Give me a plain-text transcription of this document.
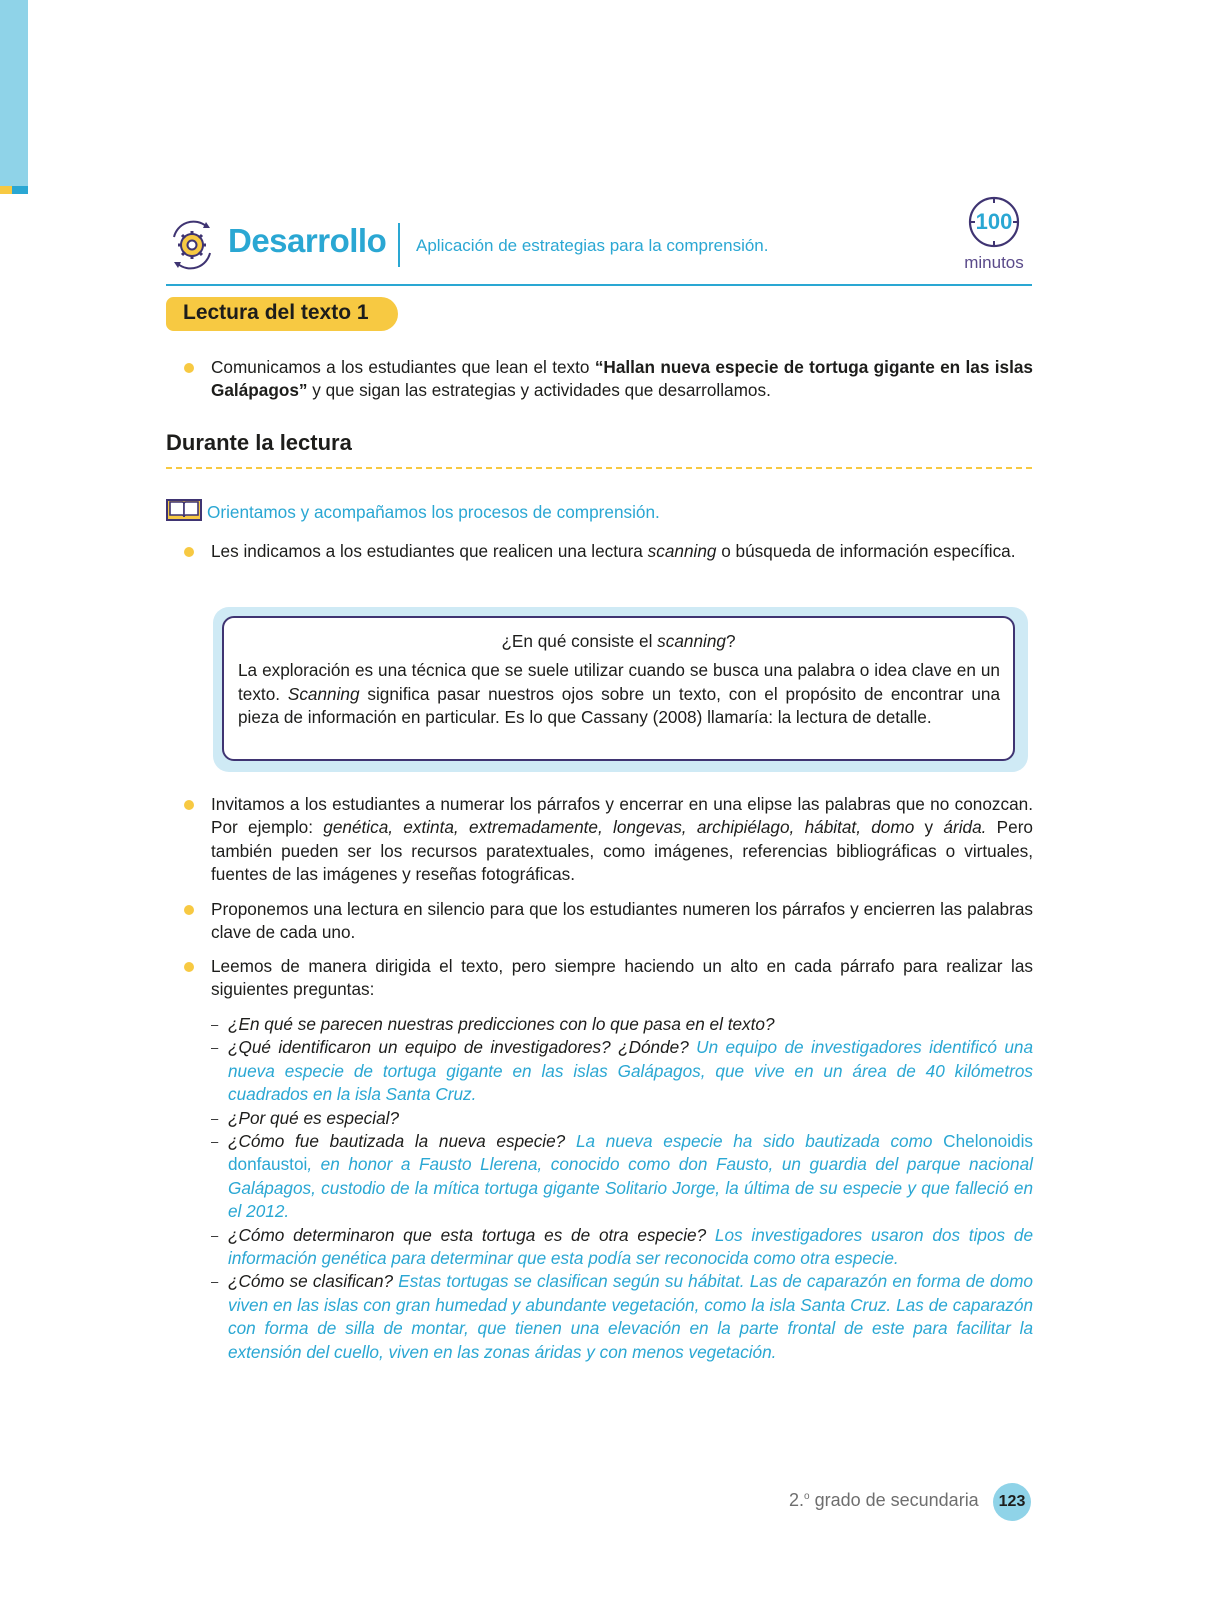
Desarrollo Aplicación de estrategias para la comprensión.
100
minutos
Lectura del texto 1
Comunicamos a los estudiantes que lean el texto “Hallan nueva especie de tortuga gigante en las islas Galápagos” y que sigan las estrategias y actividades que desarrollamos.
Durante la lectura
Orientamos y acompañamos los procesos de comprensión.
Les indicamos a los estudiantes que realicen una lectura scanning o búsqueda de información específica.
¿En qué consiste el scanning?
La exploración es una técnica que se suele utilizar cuando se busca una palabra o idea clave en un texto. Scanning significa pasar nuestros ojos sobre un texto, con el propósito de encontrar una pieza de información en particular. Es lo que Cassany (2008) llamaría: la lectura de detalle.
Invitamos a los estudiantes a numerar los párrafos y encerrar en una elipse las palabras que no conozcan. Por ejemplo: genética, extinta, extremadamente, longevas, archipiélago, hábitat, domo y árida. Pero también pueden ser los recursos paratextuales, como imágenes, referencias bibliográficas o virtuales, fuentes de las imágenes y reseñas fotográficas.
Proponemos una lectura en silencio para que los estudiantes numeren los párrafos y encierren las palabras clave de cada uno.
Leemos de manera dirigida el texto, pero siempre haciendo un alto en cada párrafo para realizar las siguientes preguntas:
– ¿En qué se parecen nuestras predicciones con lo que pasa en el texto?
– ¿Qué identificaron un equipo de investigadores? ¿Dónde? Un equipo de investigadores identificó una nueva especie de tortuga gigante en las islas Galápagos, que vive en un área de 40 kilómetros cuadrados en la isla Santa Cruz.
– ¿Por qué es especial?
– ¿Cómo fue bautizada la nueva especie? La nueva especie ha sido bautizada como Chelonoidis donfaustoi, en honor a Fausto Llerena, conocido como don Fausto, un guardia del parque nacional Galápagos, custodio de la mítica tortuga gigante Solitario Jorge, la última de su especie y que falleció en el 2012.
– ¿Cómo determinaron que esta tortuga es de otra especie? Los investigadores usaron dos tipos de información genética para determinar que esta podía ser reconocida como otra especie.
– ¿Cómo se clasifican? Estas tortugas se clasifican según su hábitat. Las de caparazón en forma de domo viven en las islas con gran humedad y abundante vegetación, como la isla Santa Cruz. Las de caparazón con forma de silla de montar, que tienen una elevación en la parte frontal de este para facilitar la extensión del cuello, viven en las zonas áridas y con menos vegetación.
2.$^o$ grado de secundaria	123
